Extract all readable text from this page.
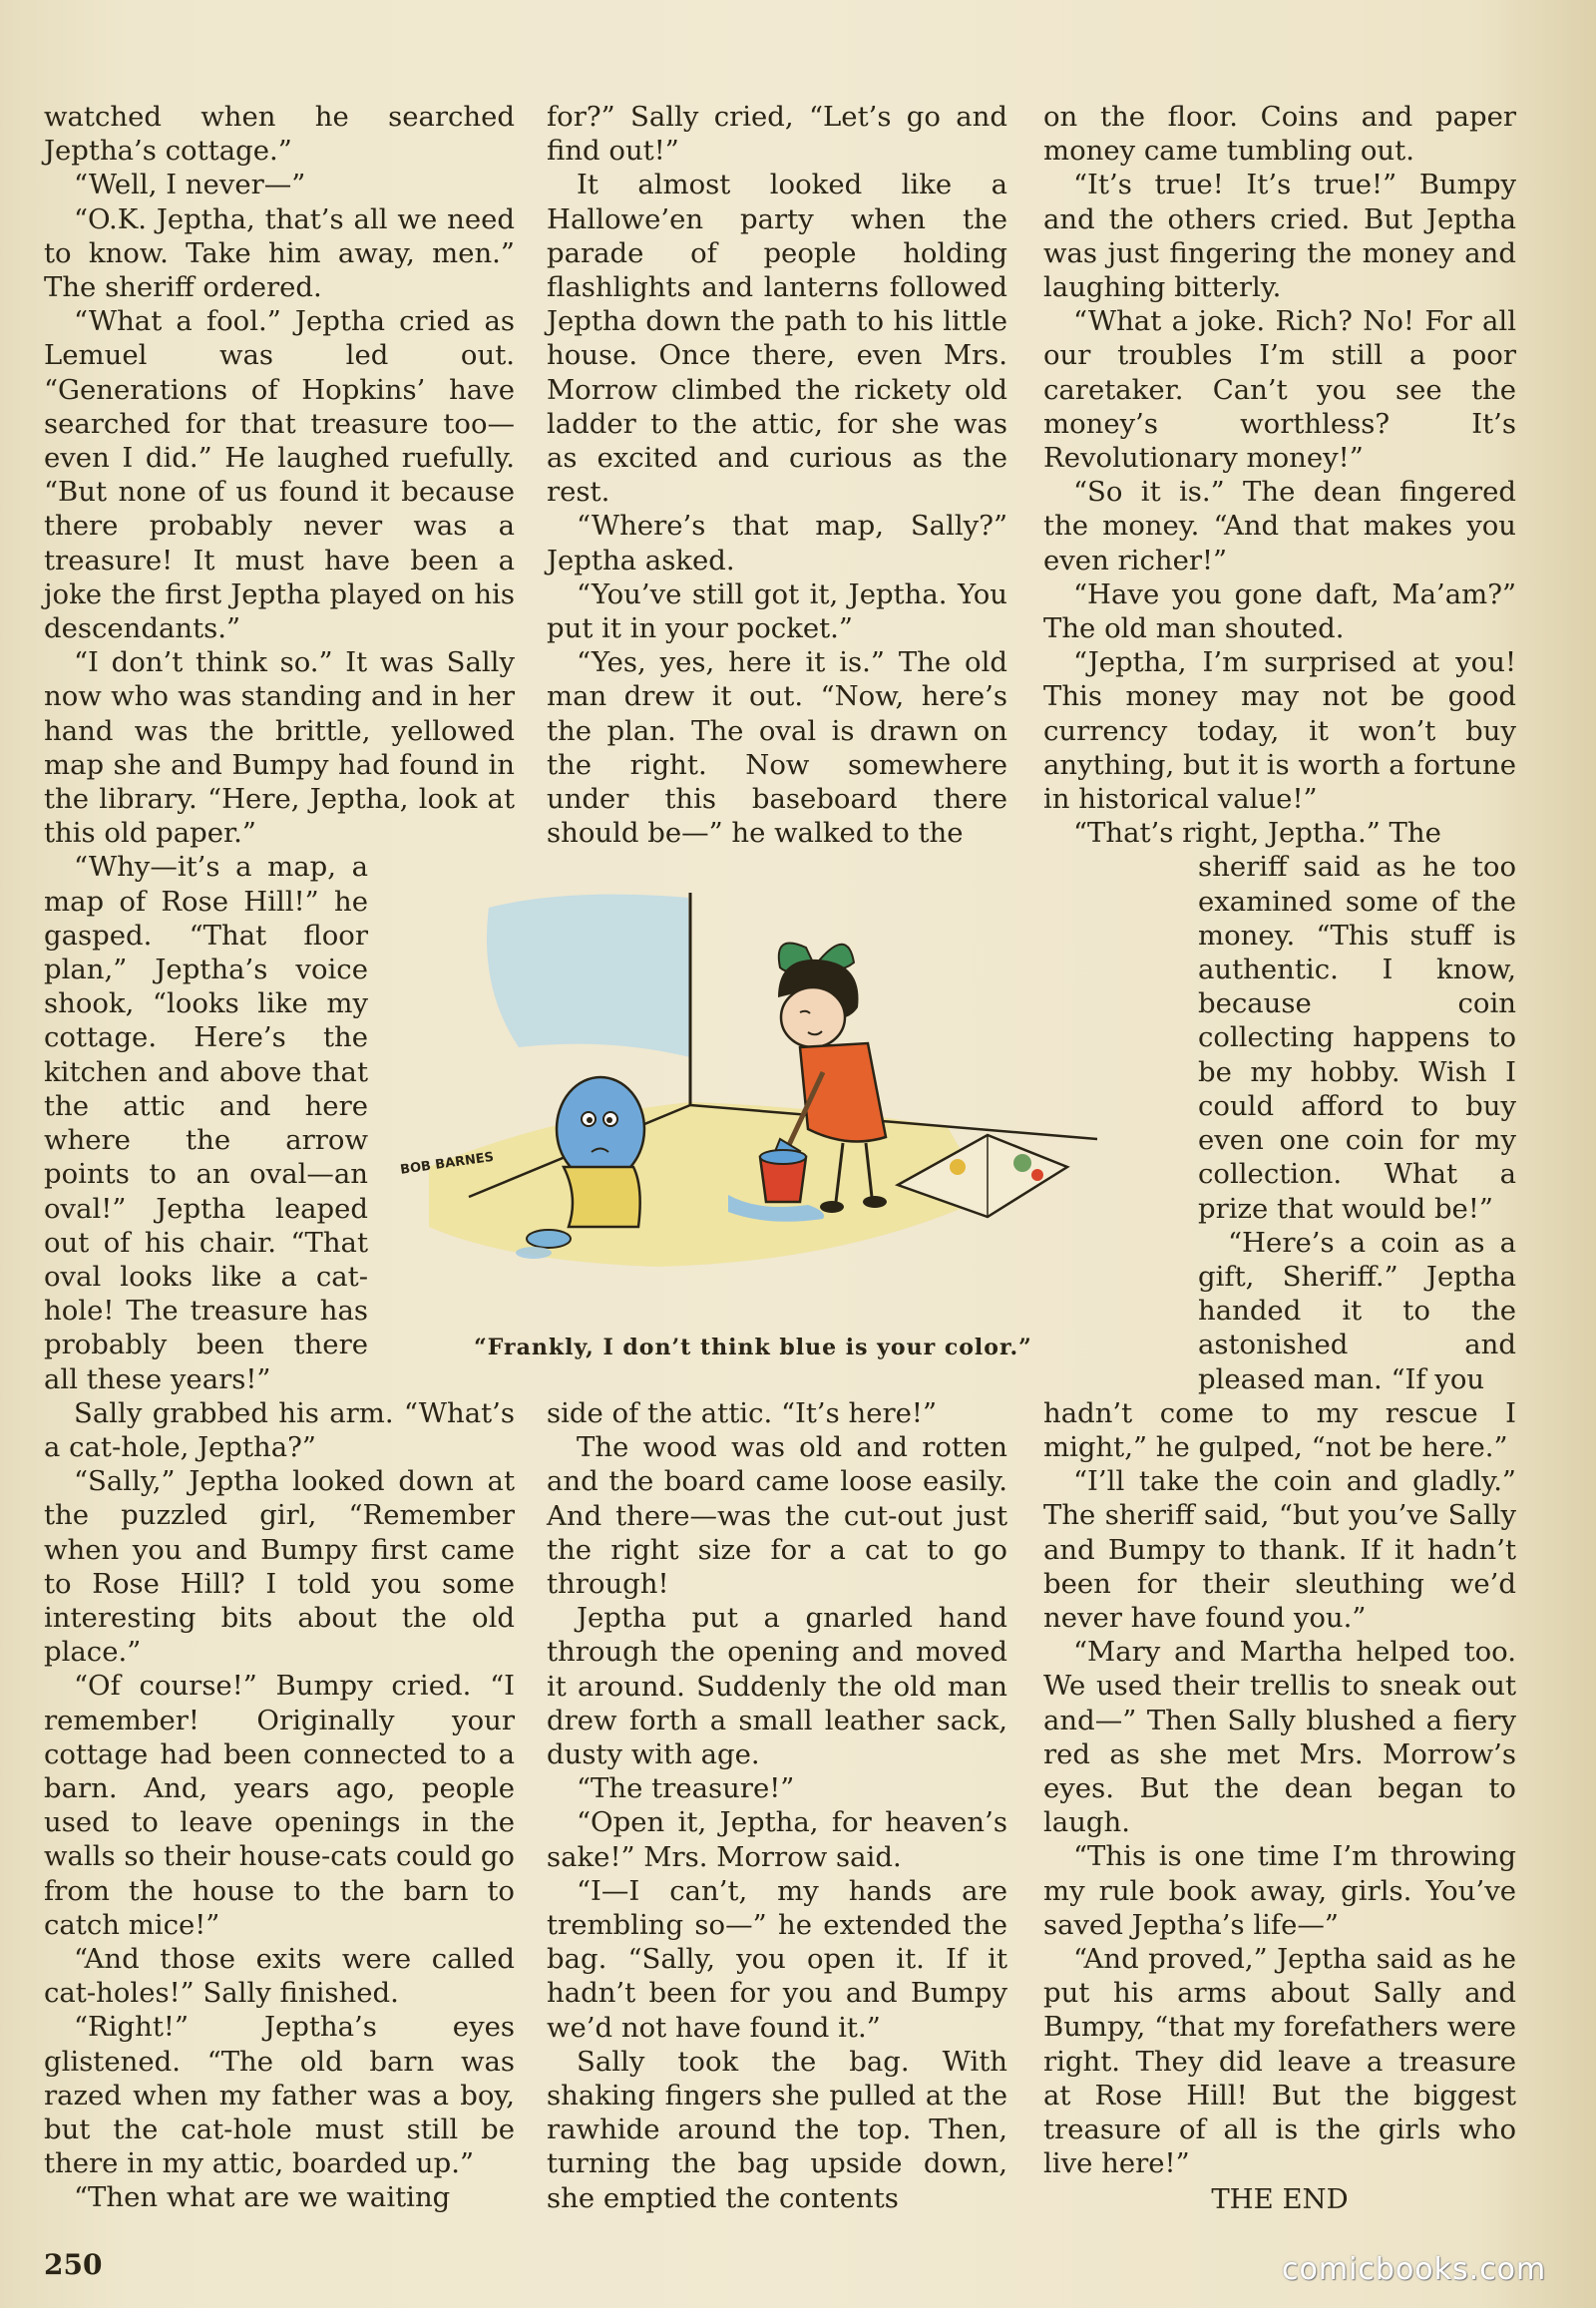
watched when he searched Jeptha’s cottage.”

“Well, I never—”

“O.K. Jeptha, that’s all we need to know. Take him away, men.” The sheriff ordered.

“What a fool.” Jeptha cried as Lemuel was led out. “Generations of Hopkins’ have searched for that treasure too—even I did.” He laughed ruefully. “But none of us found it because there probably never was a treasure! It must have been a joke the first Jeptha played on his descendants.”

“I don’t think so.” It was Sally now who was standing and in her hand was the brittle, yellowed map she and Bumpy had found in the library. “Here, Jeptha, look at this old paper.”

“Why—it’s a map, a map of Rose Hill!” he gasped. “That floor plan,” Jeptha’s voice shook, “looks like my cottage. Here’s the kitchen and above that the attic and here where the arrow points to an oval—an oval!” Jeptha leaped out of his chair. “That oval looks like a cat-hole! The treasure has probably been there all these years!”

Sally grabbed his arm. “What’s a cat-hole, Jeptha?”

“Sally,” Jeptha looked down at the puzzled girl, “Remember when you and Bumpy first came to Rose Hill? I told you some interesting bits about the old place.”

“Of course!” Bumpy cried. “I remember! Originally your cottage had been connected to a barn. And, years ago, people used to leave openings in the walls so their house-cats could go from the house to the barn to catch mice!”

“And those exits were called cat-holes!” Sally finished.

“Right!” Jeptha’s eyes glistened. “The old barn was razed when my father was a boy, but the cat-hole must still be there in my attic, boarded up.”

“Then what are we waiting

for?” Sally cried, “Let’s go and find out!”

It almost looked like a Hallowe’en party when the parade of people holding flashlights and lanterns followed Jeptha down the path to his little house. Once there, even Mrs. Morrow climbed the rickety old ladder to the attic, for she was as excited and curious as the rest.

“Where’s that map, Sally?” Jeptha asked.

“You’ve still got it, Jeptha. You put it in your pocket.”

“Yes, yes, here it is.” The old man drew it out. “Now, here’s the plan. The oval is drawn on the right. Now somewhere under this baseboard there should be—” he walked to the

side of the attic. “It’s here!”

The wood was old and rotten and the board came loose easily. And there—was the cut-out just the right size for a cat to go through!

Jeptha put a gnarled hand through the opening and moved it around. Suddenly the old man drew forth a small leather sack, dusty with age.

“The treasure!”

“Open it, Jeptha, for heaven’s sake!” Mrs. Morrow said.

“I—I can’t, my hands are trembling so—” he extended the bag. “Sally, you open it. If it hadn’t been for you and Bumpy we’d not have found it.”

Sally took the bag. With shaking fingers she pulled at the rawhide around the top. Then, turning the bag upside down, she emptied the contents

on the floor. Coins and paper money came tumbling out.

“It’s true! It’s true!” Bumpy and the others cried. But Jeptha was just fingering the money and laughing bitterly.

“What a joke. Rich? No! For all our troubles I’m still a poor caretaker. Can’t you see the money’s worthless? It’s Revolutionary money!”

“So it is.” The dean fingered the money. “And that makes you even richer!”

“Have you gone daft, Ma’am?” The old man shouted.

“Jeptha, I’m surprised at you! This money may not be good currency today, it won’t buy anything, but it is worth a fortune in historical value!”

“That’s right, Jeptha.” The

sheriff said as he too examined some of the money. “This stuff is authentic. I know, because coin collecting happens to be my hobby. Wish I could afford to buy even one coin for my collection. What a prize that would be!”

“Here’s a coin as a gift, Sheriff.” Jeptha handed it to the astonished and pleased man. “If you

hadn’t come to my rescue I might,” he gulped, “not be here.”

“I’ll take the coin and gladly.” The sheriff said, “but you’ve Sally and Bumpy to thank. If it hadn’t been for their sleuthing we’d never have found you.”

“Mary and Martha helped too. We used their trellis to sneak out and—” Then Sally blushed a fiery red as she met Mrs. Morrow’s eyes. But the dean began to laugh.

“This is one time I’m throwing my rule book away, girls. You’ve saved Jeptha’s life—”

“And proved,” Jeptha said as he put his arms about Sally and Bumpy, “that my forefathers were right. They did leave a treasure at Rose Hill! But the biggest treasure of all is the girls who live here!”

THE END

BOB BARNES
“Frankly, I don’t think blue is your color.”
250	comicbooks.com
